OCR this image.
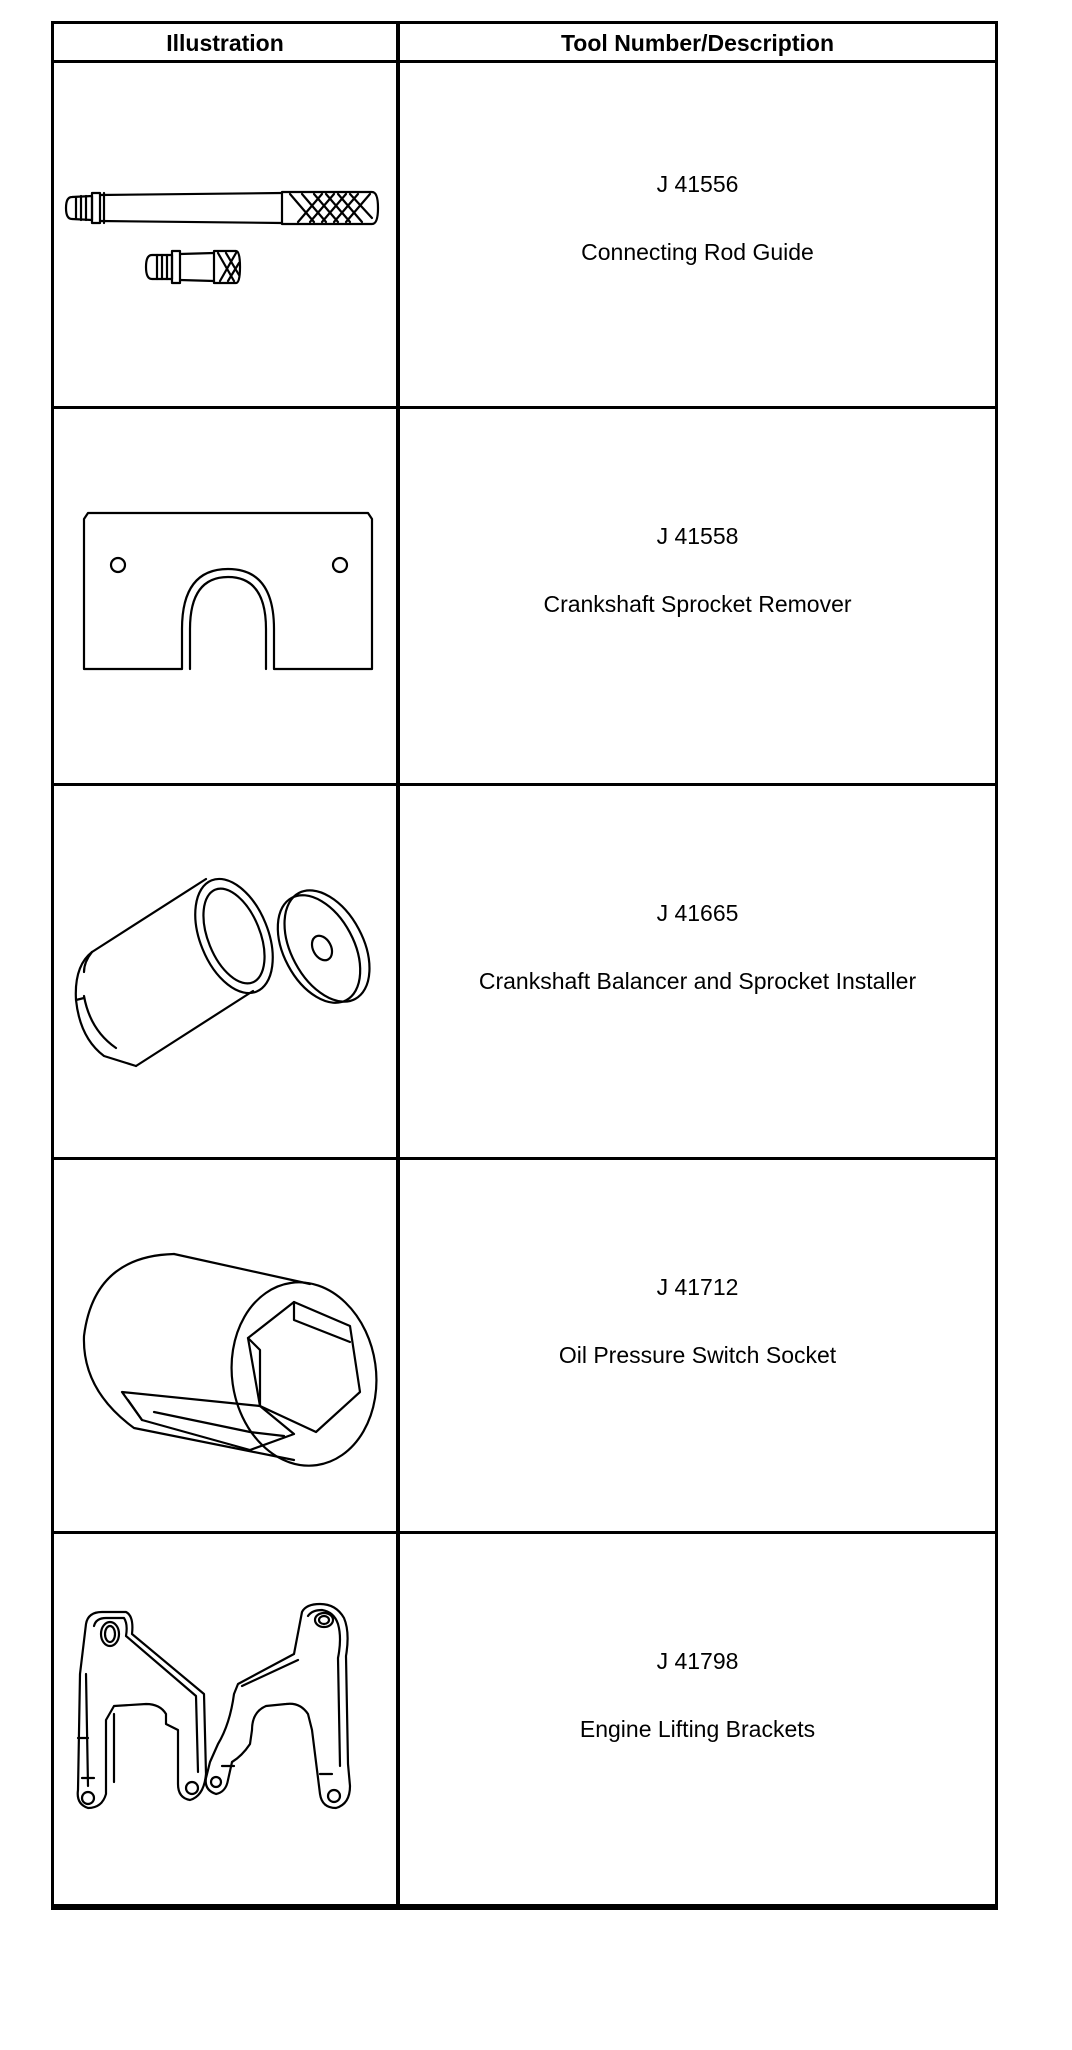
Illustration	Tool Number/Description
J 41556
Connecting Rod Guide
J 41558
Crankshaft Sprocket Remover
J 41665
Crankshaft Balancer and Sprocket Installer
J 41712
Oil Pressure Switch Socket
J 41798
Engine Lifting Brackets
